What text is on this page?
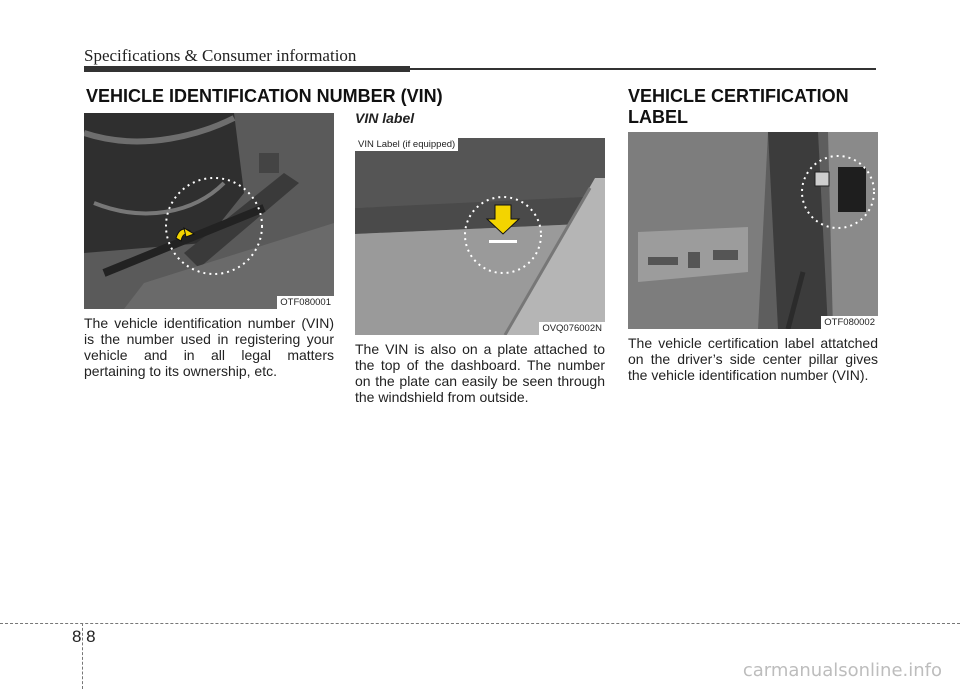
Specifications & Consumer information
VEHICLE IDENTIFICATION NUMBER (VIN)
OTF080001
The vehicle identification number (VIN) is the number used in registering your vehicle and in all legal matters pertaining to its ownership, etc.
VIN label
VIN Label (if equipped)
OVQ076002N
The VIN is also on a plate attached to the top of the dashboard. The number on the plate can easily be seen through the windshield from outside.
VEHICLE CERTIFICATION LABEL
OTF080002
The vehicle certification label attatched on the driver’s side center pillar gives the vehicle identification number (VIN).
8 8
carmanualsonline.info
